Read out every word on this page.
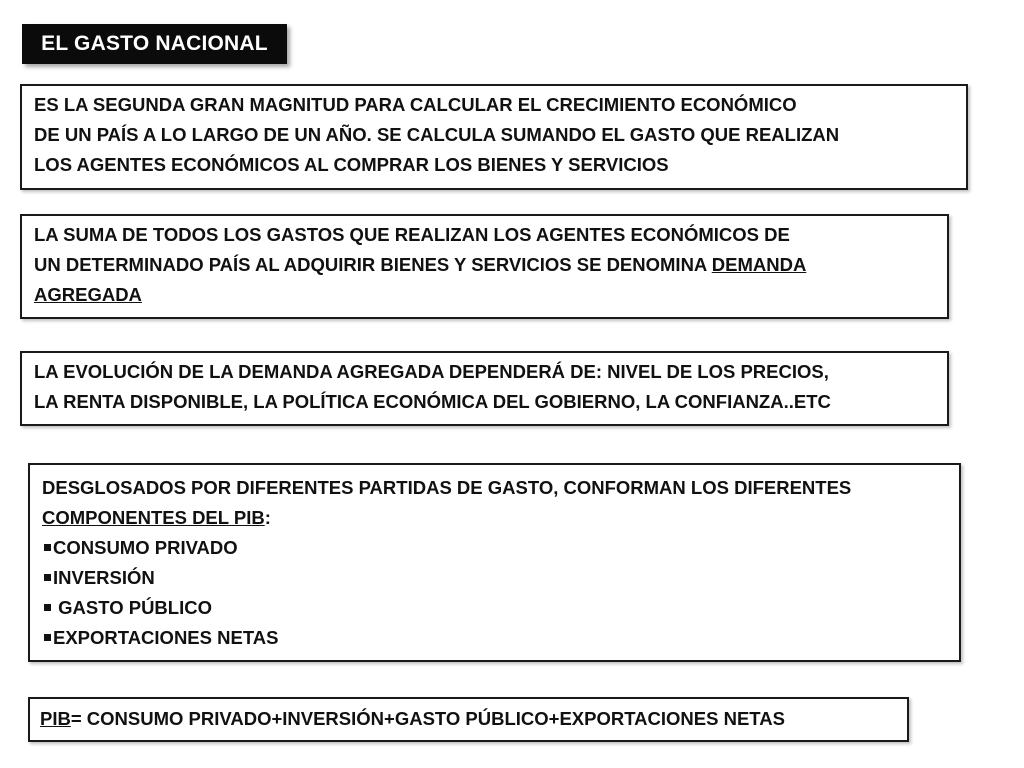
EL GASTO NACIONAL
ES LA SEGUNDA GRAN MAGNITUD PARA CALCULAR EL CRECIMIENTO ECONÓMICO
DE UN PAÍS A LO LARGO DE UN AÑO. SE CALCULA SUMANDO EL GASTO QUE REALIZAN
LOS AGENTES ECONÓMICOS AL COMPRAR LOS BIENES Y SERVICIOS
LA SUMA DE TODOS LOS GASTOS QUE REALIZAN LOS AGENTES ECONÓMICOS DE
UN DETERMINADO PAÍS AL ADQUIRIR BIENES Y SERVICIOS SE DENOMINA DEMANDA
AGREGADA
LA EVOLUCIÓN DE LA DEMANDA AGREGADA DEPENDERÁ DE: NIVEL DE LOS PRECIOS,
LA RENTA DISPONIBLE, LA POLÍTICA ECONÓMICA DEL GOBIERNO, LA CONFIANZA..ETC
DESGLOSADOS POR DIFERENTES PARTIDAS DE GASTO, CONFORMAN LOS DIFERENTES
COMPONENTES DEL PIB:
CONSUMO PRIVADO
INVERSIÓN
GASTO PÚBLICO
EXPORTACIONES NETAS
PIB= CONSUMO PRIVADO+INVERSIÓN+GASTO PÚBLICO+EXPORTACIONES NETAS
